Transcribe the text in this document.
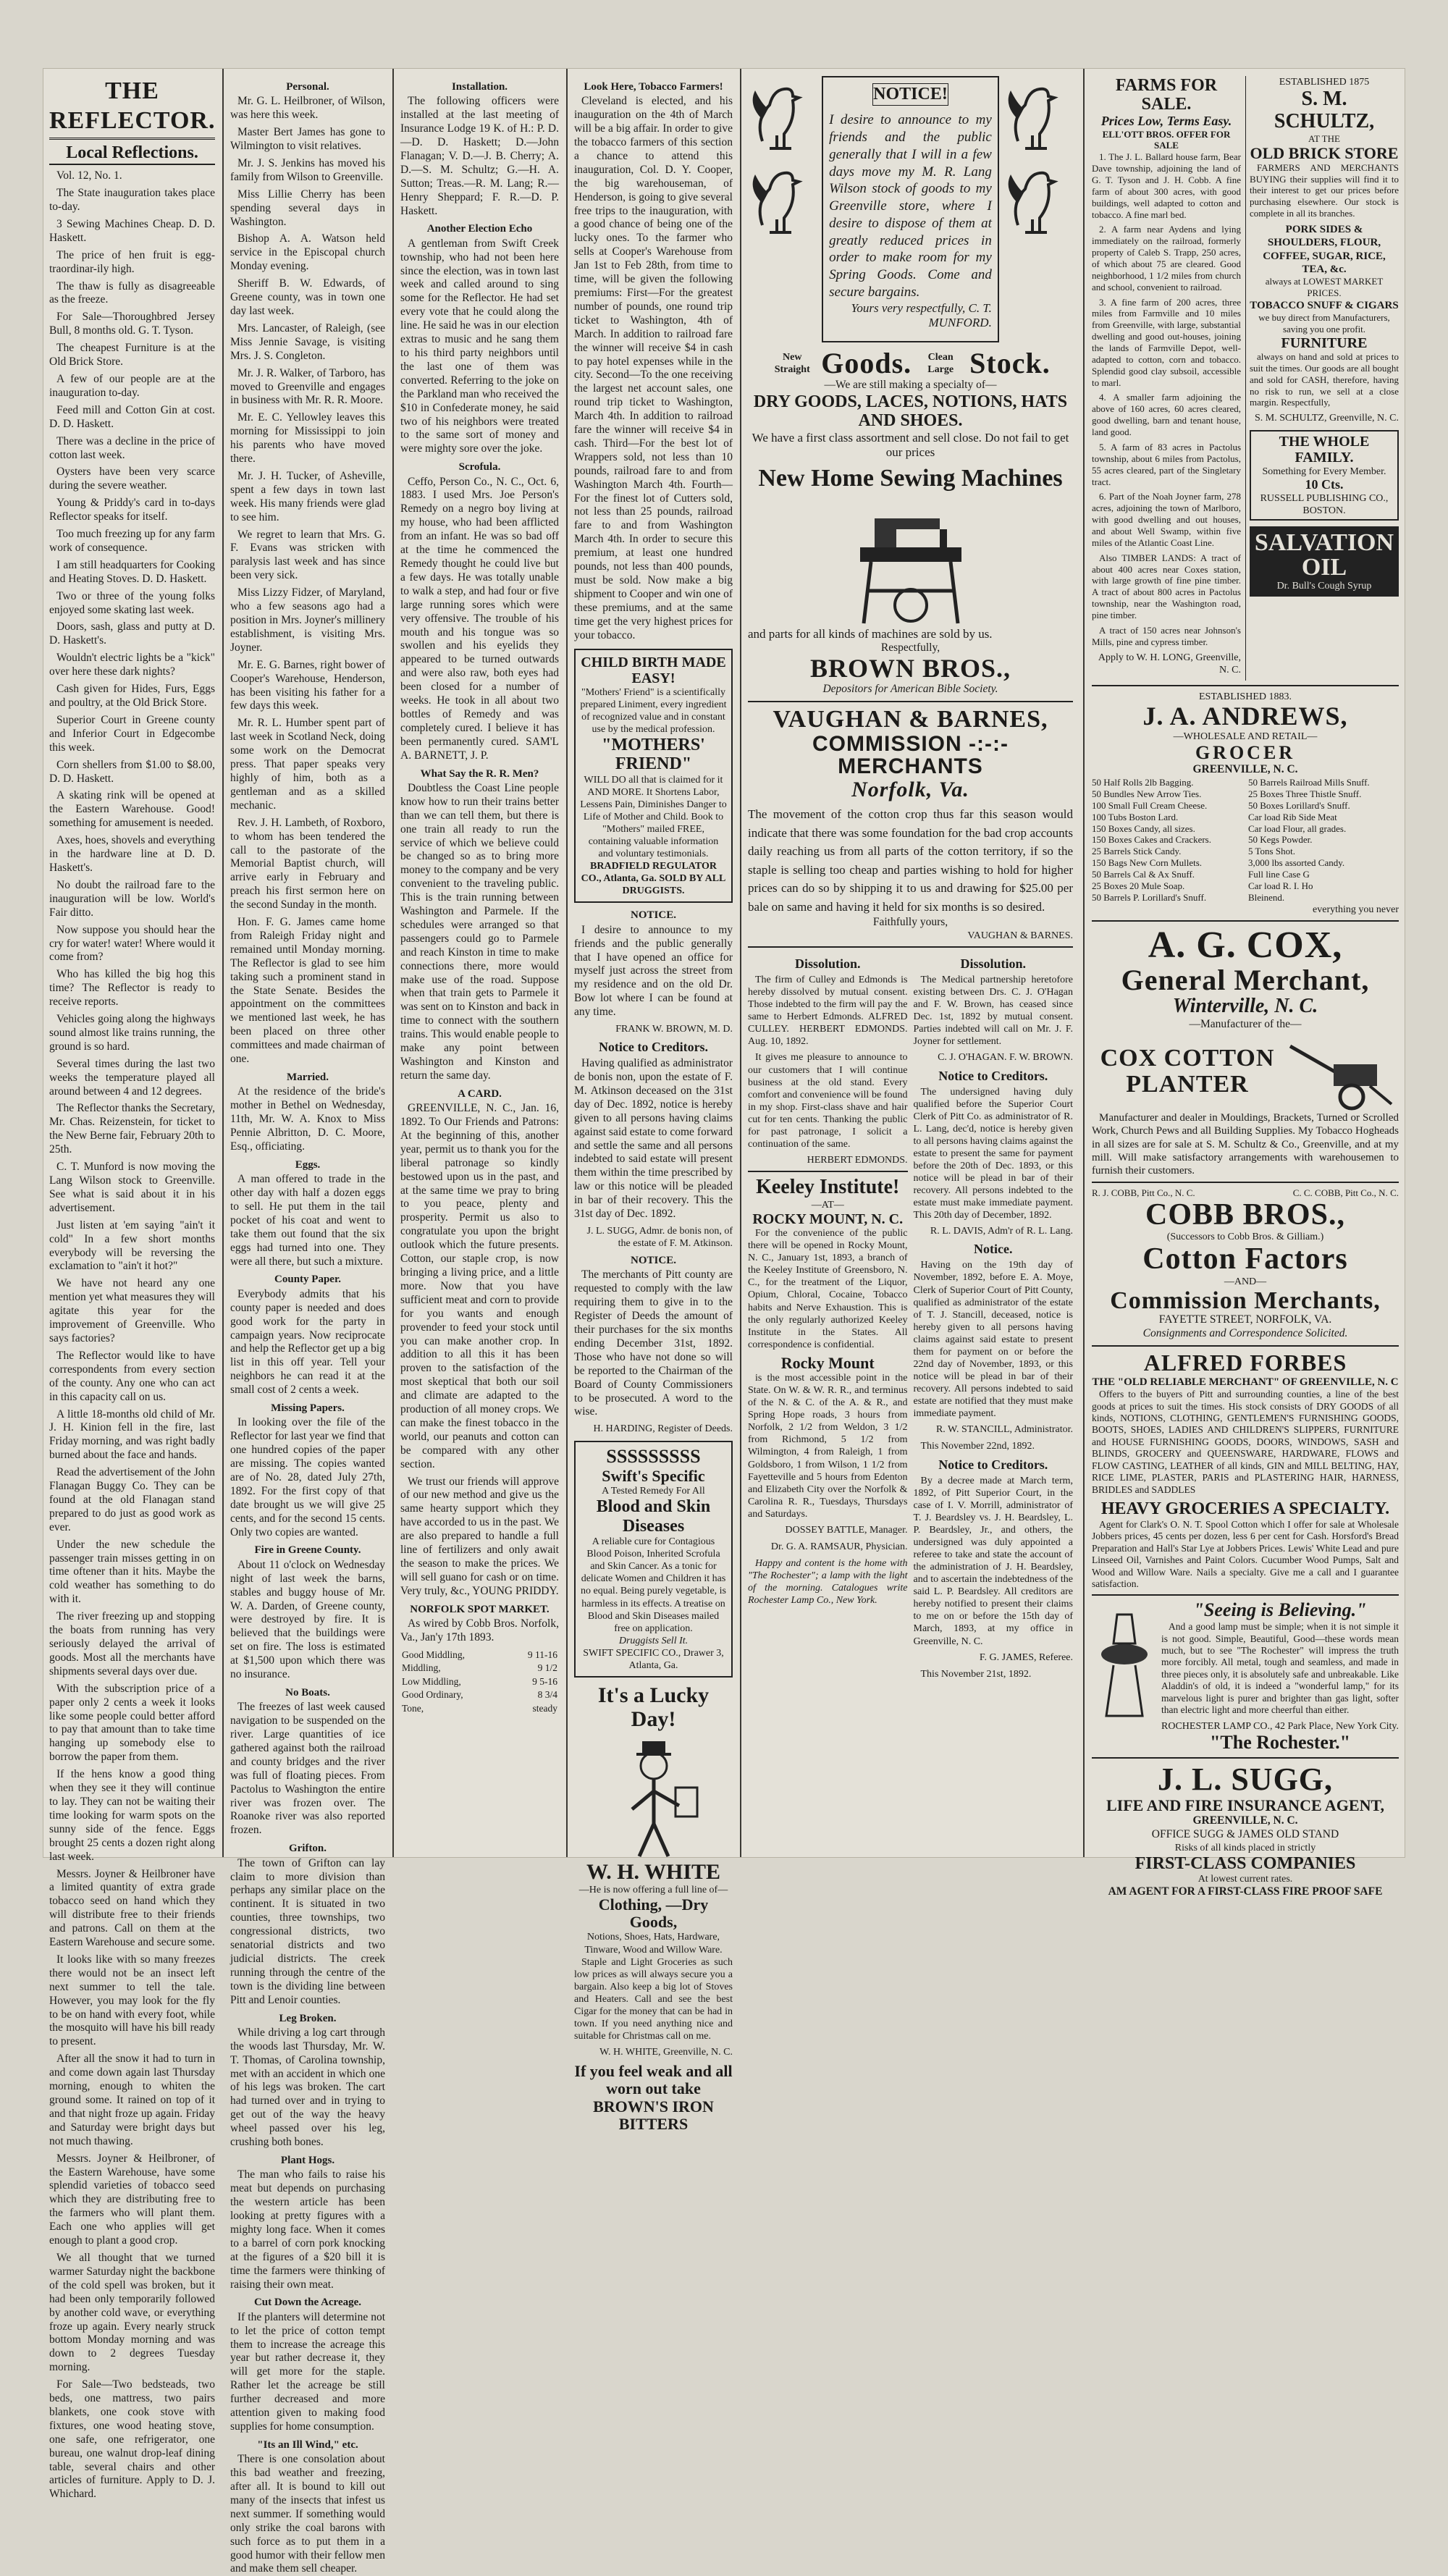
THE REFLECTOR.
Local Reflections.
Vol. 12, No. 1.
The State inauguration takes place to-day.
3 Sewing Machines Cheap. D. D. Haskett.
The price of hen fruit is egg-traordinar-ily high.
The thaw is fully as disagreeable as the freeze.
For Sale—Thoroughbred Jersey Bull, 8 months old. G. T. Tyson.
The cheapest Furniture is at the Old Brick Store.
A few of our people are at the inauguration to-day.
Feed mill and Cotton Gin at cost. D. D. Haskett.
There was a decline in the price of cotton last week.
Oysters have been very scarce during the severe weather.
Young & Priddy's card in to-days Reflector speaks for itself.
Too much freezing up for any farm work of consequence.
I am still headquarters for Cooking and Heating Stoves. D. D. Haskett.
Two or three of the young folks enjoyed some skating last week.
Doors, sash, glass and putty at D. D. Haskett's.
Wouldn't electric lights be a "kick" over here these dark nights?
Cash given for Hides, Furs, Eggs and poultry, at the Old Brick Store.
Superior Court in Greene county and Inferior Court in Edgecombe this week.
Corn shellers from $1.00 to $8.00, D. D. Haskett.
A skating rink will be opened at the Eastern Warehouse. Good! something for amusement is needed.
Axes, hoes, shovels and everything in the hardware line at D. D. Haskett's.
No doubt the railroad fare to the inauguration will be low. World's Fair ditto.
Now suppose you should hear the cry for water! water! Where would it come from?
Who has killed the big hog this time? The Reflector is ready to receive reports.
Vehicles going along the highways sound almost like trains running, the ground is so hard.
Several times during the last two weeks the temperature played all around between 4 and 12 degrees.
The Reflector thanks the Secretary, Mr. Chas. Reizenstein, for ticket to the New Berne fair, February 20th to 25th.
C. T. Munford is now moving the Lang Wilson stock to Greenville. See what is said about it in his advertisement.
Just listen at 'em saying "ain't it cold" In a few short months everybody will be reversing the exclamation to "ain't it hot?"
We have not heard any one mention yet what measures they will agitate this year for the improvement of Greenville. Who says factories?
The Reflector would like to have correspondents from every section of the county. Any one who can act in this capacity call on us.
A little 18-months old child of Mr. J. H. Kinion fell in the fire, last Friday morning, and was right badly burned about the face and hands.
Read the advertisement of the John Flanagan Buggy Co. They can be found at the old Flanagan stand prepared to do just as good work as ever.
Under the new schedule the passenger train misses getting in on time oftener than it hits. Maybe the cold weather has something to do with it.
The river freezing up and stopping the boats from running has very seriously delayed the arrival of goods. Most all the merchants have shipments several days over due.
With the subscription price of a paper only 2 cents a week it looks like some people could better afford to pay that amount than to take time hanging up somebody else to borrow the paper from them.
If the hens know a good thing when they see it they will continue to lay. They can not be waiting their time looking for warm spots on the sunny side of the fence. Eggs brought 25 cents a dozen right along last week.
Messrs. Joyner & Heilbroner have a limited quantity of extra grade tobacco seed on hand which they will distribute free to their friends and patrons. Call on them at the Eastern Warehouse and secure some.
It looks like with so many freezes there would not be an insect left next summer to tell the tale. However, you may look for the fly to be on hand with every foot, while the mosquito will have his bill ready to present.
After all the snow it had to turn in and come down again last Thursday morning, enough to whiten the ground some. It rained on top of it and that night froze up again. Friday and Saturday were bright days but not much thawing.
Messrs. Joyner & Heilbroner, of the Eastern Warehouse, have some splendid varieties of tobacco seed which they are distributing free to the farmers who will plant them. Each one who applies will get enough to plant a good crop.
We all thought that we turned warmer Saturday night the backbone of the cold spell was broken, but it had been only temporarily followed by another cold wave, or everything froze up again. Every nearly struck bottom Monday morning and was down to 2 degrees Tuesday morning.
For Sale—Two bedsteads, two beds, one mattress, two pairs blankets, one cook stove with fixtures, one wood heating stove, one safe, one refrigerator, one bureau, one walnut drop-leaf dining table, several chairs and other articles of furniture. Apply to D. J. Whichard.
Personal.
Mr. G. L. Heilbroner, of Wilson, was here this week.
Master Bert James has gone to Wilmington to visit relatives.
Mr. J. S. Jenkins has moved his family from Wilson to Greenville.
Miss Lillie Cherry has been spending several days in Washington.
Bishop A. A. Watson held service in the Episcopal church Monday evening.
Sheriff B. W. Edwards, of Greene county, was in town one day last week.
Mrs. Lancaster, of Raleigh, (see Miss Jennie Savage, is visiting Mrs. J. S. Congleton.
Mr. J. R. Walker, of Tarboro, has moved to Greenville and engages in business with Mr. R. R. Moore.
Mr. E. C. Yellowley leaves this morning for Mississippi to join his parents who have moved there.
Mr. J. H. Tucker, of Asheville, spent a few days in town last week. His many friends were glad to see him.
We regret to learn that Mrs. G. F. Evans was stricken with paralysis last week and has since been very sick.
Miss Lizzy Fidzer, of Maryland, who a few seasons ago had a position in Mrs. Joyner's millinery establishment, is visiting Mrs. Joyner.
Mr. E. G. Barnes, right bower of Cooper's Warehouse, Henderson, has been visiting his father for a few days this week.
Mr. R. L. Humber spent part of last week in Scotland Neck, doing some work on the Democrat press. That paper speaks very highly of him, both as a gentleman and as a skilled mechanic.
Rev. J. H. Lambeth, of Roxboro, to whom has been tendered the call to the pastorate of the Memorial Baptist church, will arrive early in February and preach his first sermon here on the second Sunday in the month.
Hon. F. G. James came home from Raleigh Friday night and remained until Monday morning. The Reflector is glad to see him taking such a prominent stand in the State Senate. Besides the appointment on the committees we mentioned last week, he has been placed on three other committees and made chairman of one.
Married.
At the residence of the bride's mother in Bethel on Wednesday, 11th, Mr. W. A. Knox to Miss Pennie Albritton, D. C. Moore, Esq., officiating.
Eggs.
A man offered to trade in the other day with half a dozen eggs to sell. He put them in the tail pocket of his coat and went to take them out found that the six eggs had turned into one. They were all there, but such a mixture.
County Paper.
Everybody admits that his county paper is needed and does good work for the party in campaign years. Now reciprocate and help the Reflector get up a big list in this off year. Tell your neighbors he can read it at the small cost of 2 cents a week.
Missing Papers.
In looking over the file of the Reflector for last year we find that one hundred copies of the paper are missing. The copies wanted are of No. 28, dated July 27th, 1892. For the first copy of that date brought us we will give 25 cents, and for the second 15 cents. Only two copies are wanted.
Fire in Greene County.
About 11 o'clock on Wednesday night of last week the barns, stables and buggy house of Mr. W. A. Darden, of Greene county, were destroyed by fire. It is believed that the buildings were set on fire. The loss is estimated at $1,500 upon which there was no insurance.
No Boats.
The freezes of last week caused navigation to be suspended on the river. Large quantities of ice gathered against both the railroad and county bridges and the river was full of floating pieces. From Pactolus to Washington the entire river was frozen over. The Roanoke river was also reported frozen.
Grifton.
The town of Grifton can lay claim to more division than perhaps any similar place on the continent. It is situated in two counties, three townships, two congressional districts, two senatorial districts and two judicial districts. The creek running through the centre of the town is the dividing line between Pitt and Lenoir counties.
Leg Broken.
While driving a log cart through the woods last Thursday, Mr. W. T. Thomas, of Carolina township, met with an accident in which one of his legs was broken. The cart had turned over and in trying to get out of the way the heavy wheel passed over his leg, crushing both bones.
Plant Hogs.
The man who fails to raise his meat but depends on purchasing the western article has been looking at pretty figures with a mighty long face. When it comes to a barrel of corn pork knocking at the figures of a $20 bill it is time the farmers were thinking of raising their own meat.
Cut Down the Acreage.
If the planters will determine not to let the price of cotton tempt them to increase the acreage this year but rather decrease it, they will get more for the staple. Rather let the acreage be still further decreased and more attention given to making food supplies for home consumption.
"Its an Ill Wind," etc.
There is one consolation about this bad weather and freezing, after all. It is bound to kill out many of the insects that infest us next summer. If something would only strike the coal barons with such force as to put them in a good humor with their fellow men and make them sell cheaper.
Installation.
The following officers were installed at the last meeting of Insurance Lodge 19 K. of H.: P. D.—D. D. Haskett; D.—John Flanagan; V. D.—J. B. Cherry; A. D.—S. M. Schultz; G.—H. A. Sutton; Treas.—R. M. Lang; R.—Henry Sheppard; F. R.—D. P. Haskett.
Another Election Echo
A gentleman from Swift Creek township, who had not been here since the election, was in town last week and called around to sing some for the Reflector. He had set every vote that he could along the line. He said he was in our election extras to music and he sang them to his third party neighbors until the last one of them was converted. Referring to the joke on the Parkland man who received the $10 in Confederate money, he said two of his neighbors were treated to the same sort of money and were mighty sore over the joke.
Scrofula.
Ceffo, Person Co., N. C., Oct. 6, 1883. I used Mrs. Joe Person's Remedy on a negro boy living at my house, who had been afflicted from an infant. He was so bad off at the time he commenced the Remedy thought he could live but a few days. He was totally unable to walk a step, and had four or five large running sores which were very offensive. The trouble of his mouth and his tongue was so swollen and his eyelids they appeared to be turned outwards and were also raw, both eyes had been closed for a number of weeks. He took in all about two bottles of Remedy and was completely cured. I believe it has been permanently cured. SAM'L A. BARNETT, J. P.
What Say the R. R. Men?
Doubtless the Coast Line people know how to run their trains better than we can tell them, but there is one train all ready to run the service of which we believe could be changed so as to bring more money to the company and be very convenient to the traveling public. This is the train running between Washington and Parmele. If the schedules were arranged so that passengers could go to Parmele and reach Kinston in time to make connections there, more would make use of the road. Suppose when that train gets to Parmele it was sent on to Kinston and back in time to connect with the southern trains. This would enable people to make any point between Washington and Kinston and return the same day.
A CARD.
GREENVILLE, N. C., Jan. 16, 1892. To Our Friends and Patrons: At the beginning of this, another year, permit us to thank you for the liberal patronage so kindly bestowed upon us in the past, and at the same time we pray to bring to you peace, plenty and prosperity. Permit us also to congratulate you upon the bright outlook which the future presents. Cotton, our staple crop, is now bringing a living price, and a little more. Now that you have sufficient meat and corn to provide for you wants and enough provender to feed your stock until you can make another crop. In addition to all this it has been proven to the satisfaction of the most skeptical that both our soil and climate are adapted to the production of all money crops. We can make the finest tobacco in the world, our peanuts and cotton can be compared with any other section.
We trust our friends will approve of our new method and give us the same hearty support which they have accorded to us in the past. We are also prepared to handle a full line of fertilizers and only await the season to make the prices. We will sell guano for cash or on time. Very truly, &c., YOUNG PRIDDY.
NORFOLK SPOT MARKET.
As wired by Cobb Bros. Norfolk, Va., Jan'y 17th 1893.
Good Middling,	9 11-16
Middling,	9 1/2
Low Middling,	9 5-16
Good Ordinary,	8 3/4
Tone,	steady
Look Here, Tobacco Farmers!
Cleveland is elected, and his inauguration on the 4th of March will be a big affair. In order to give the tobacco farmers of this section a chance to attend this inauguration, Col. D. Y. Cooper, the big warehouseman, of Henderson, is going to give several free trips to the inauguration, with a good chance of being one of the lucky ones. To the farmer who sells at Cooper's Warehouse from Jan 1st to Feb 28th, from time to time, will be given the following premiums: First—For the greatest number of pounds, one round trip ticket to Washington, 4th of March. In addition to railroad fare the winner will receive $4 in cash to pay hotel expenses while in the city. Second—To the one receiving the largest net account sales, one round trip ticket to Washington, March 4th. In addition to railroad fare the winner will receive $4 in cash. Third—For the best lot of Wrappers sold, not less than 10 pounds, railroad fare to and from Washington March 4th. Fourth—For the finest lot of Cutters sold, not less than 25 pounds, railroad fare to and from Washington March 4th. In order to secure this premium, at least one hundred pounds, not less than 400 pounds, must be sold. Now make a big shipment to Cooper and win one of these premiums, and at the same time get the very highest prices for your tobacco.
CHILD BIRTH MADE EASY!
"Mothers' Friend" is a scientifically prepared Liniment, every ingredient of recognized value and in constant use by the medical profession.
"MOTHERS' FRIEND"
WILL DO all that is claimed for it AND MORE. It Shortens Labor, Lessens Pain, Diminishes Danger to Life of Mother and Child. Book to "Mothers" mailed FREE, containing valuable information and voluntary testimonials.
BRADFIELD REGULATOR CO., Atlanta, Ga. SOLD BY ALL DRUGGISTS.
NOTICE.
I desire to announce to my friends and the public generally that I have opened an office for myself just across the street from my residence and on the old Dr. Bow lot where I can be found at any time.
FRANK W. BROWN, M. D.
Notice to Creditors.
Having qualified as administrator de bonis non, upon the estate of F. M. Atkinson deceased on the 31st day of Dec. 1892, notice is hereby given to all persons having claims against said estate to come forward and settle the same and all persons indebted to said estate will present them within the time prescribed by law or this notice will be pleaded in bar of their recovery. This the 31st day of Dec. 1892.
J. L. SUGG, Admr. de bonis non, of the estate of F. M. Atkinson.
NOTICE.
The merchants of Pitt county are requested to comply with the law requiring them to give in to the Register of Deeds the amount of their purchases for the six months ending December 31st, 1892. Those who have not done so will be reported to the Chairman of the Board of County Commissioners to be prosecuted. A word to the wise.
H. HARDING, Register of Deeds.
SSSSSSSSS
Swift's Specific
A Tested Remedy For All
Blood and Skin Diseases
A reliable cure for Contagious Blood Poison, Inherited Scrofula and Skin Cancer. As a tonic for delicate Women and Children it has no equal. Being purely vegetable, is harmless in its effects. A treatise on Blood and Skin Diseases mailed free on application.
Druggists Sell It.
SWIFT SPECIFIC CO., Drawer 3, Atlanta, Ga.
It's a Lucky Day!
W. H. WHITE
—He is now offering a full line of—
Clothing, —Dry Goods,
Notions, Shoes, Hats, Hardware, Tinware, Wood and Willow Ware.
Staple and Light Groceries as such low prices as will always secure you a bargain. Also keep a big lot of Stoves and Heaters. Call and see the best Cigar for the money that can be had in town. If you need anything nice and suitable for Christmas call on me.
W. H. WHITE, Greenville, N. C.
If you feel weak and all worn out take BROWN'S IRON BITTERS

NOTICE!
I desire to announce to my friends and the public generally that I will in a few days move my M. R. Lang Wilson stock of goods to my Greenville store, where I desire to dispose of them at greatly reduced prices in order to make room for my Spring Goods. Come and secure bargains.
Yours very respectfully, C. T. MUNFORD.

New Straight Goods.	Clean Large Stock.
—We are still making a specialty of—
DRY GOODS, LACES, NOTIONS, HATS AND SHOES.
We have a first class assortment and sell close. Do not fail to get our prices
New Home Sewing Machines
and parts for all kinds of machines are sold by us.
Respectfully,
BROWN BROS.,
Depositors for American Bible Society.
VAUGHAN & BARNES,
COMMISSION -:-:- MERCHANTS
Norfolk, Va.
The movement of the cotton crop thus far this season would indicate that there was some foundation for the bad crop accounts daily reaching us from all parts of the cotton territory, if so the staple is selling too cheap and parties wishing to hold for higher prices can do so by shipping it to us and drawing for $25.00 per bale on same and having it held for six months is so desired.
Faithfully yours,
VAUGHAN & BARNES.
Dissolution.
The firm of Culley and Edmonds is hereby dissolved by mutual consent. Those indebted to the firm will pay the same to Herbert Edmonds. ALFRED CULLEY. HERBERT EDMONDS. Aug. 10, 1892.
It gives me pleasure to announce to our customers that I will continue business at the old stand. Every comfort and convenience will be found in my shop. First-class shave and hair cut for ten cents. Thanking the public for past patronage, I solicit a continuation of the same.
HERBERT EDMONDS.
Keeley Institute!
—AT—
ROCKY MOUNT, N. C.
For the convenience of the public there will be opened in Rocky Mount, N. C., January 1st, 1893, a branch of the Keeley Institute of Greensboro, N. C., for the treatment of the Liquor, Opium, Chloral, Cocaine, Tobacco habits and Nerve Exhaustion. This is the only regularly authorized Keeley Institute in the States. All correspondence is confidential.
Rocky Mount
is the most accessible point in the State. On W. & W. R. R., and terminus of the N. & C. of the A. & R., and Spring Hope roads, 3 hours from Norfolk, 2 1/2 from Weldon, 3 1/2 from Richmond, 5 1/2 from Wilmington, 4 from Raleigh, 1 from Goldsboro, 1 from Wilson, 1 1/2 from Fayetteville and 5 hours from Edenton and Elizabeth City over the Norfolk & Carolina R. R., Tuesdays, Thursdays and Saturdays.
DOSSEY BATTLE, Manager.
Dr. G. A. RAMSAUR, Physician.
Happy and content is the home with "The Rochester"; a lamp with the light of the morning. Catalogues write Rochester Lamp Co., New York.
Dissolution.
The Medical partnership heretofore existing between Drs. C. J. O'Hagan and F. W. Brown, has ceased since Dec. 1st, 1892 by mutual consent. Parties indebted will call on Mr. J. F. Joyner for settlement.
C. J. O'HAGAN. F. W. BROWN.
Notice to Creditors.
The undersigned having duly qualified before the Superior Court Clerk of Pitt Co. as administrator of R. L. Lang, dec'd, notice is hereby given to all persons having claims against the estate to present the same for payment before the 20th of Dec. 1893, or this notice will be plead in bar of their recovery. All persons indebted to the estate must make immediate payment. This 20th day of December, 1892.
R. L. DAVIS, Adm'r of R. L. Lang.
Notice.
Having on the 19th day of November, 1892, before E. A. Moye, Clerk of Superior Court of Pitt County, qualified as administrator of the estate of T. J. Stancill, deceased, notice is hereby given to all persons having claims against said estate to present them for payment on or before the 22nd day of November, 1893, or this notice will be plead in bar of their recovery. All persons indebted to said estate are notified that they must make immediate payment.
R. W. STANCILL, Administrator.
This November 22nd, 1892.
Notice to Creditors.
By a decree made at March term, 1892, of Pitt Superior Court, in the case of I. V. Morrill, administrator of T. J. Beardsley vs. J. H. Beardsley, L. P. Beardsley, Jr., and others, the undersigned was duly appointed a referee to take and state the account of the administration of J. H. Beardsley, and to ascertain the indebtedness of the said L. P. Beardsley. All creditors are hereby notified to present their claims to me on or before the 15th day of March, 1893, at my office in Greenville, N. C.
F. G. JAMES, Referee.
This November 21st, 1892.
FARMS FOR SALE.
Prices Low, Terms Easy.
ELL'OTT BROS. OFFER FOR SALE
1. The J. L. Ballard house farm, Bear Dave township, adjoining the land of G. T. Tyson and J. H. Cobb. A fine farm of about 300 acres, with good buildings, well adapted to cotton and tobacco. A fine marl bed.
2. A farm near Aydens and lying immediately on the railroad, formerly property of Caleb S. Trapp, 250 acres, of which about 75 are cleared. Good neighborhood, 1 1/2 miles from church and school, convenient to railroad.
3. A fine farm of 200 acres, three miles from Farmville and 10 miles from Greenville, with large, substantial dwelling and good out-houses, joining the lands of Farmville Depot, well-adapted to cotton, corn and tobacco. Splendid good clay subsoil, accessible to marl.
4. A smaller farm adjoining the above of 160 acres, 60 acres cleared, good dwelling, barn and tenant house, land good.
5. A farm of 83 acres in Pactolus township, about 6 miles from Pactolus, 55 acres cleared, part of the Singletary tract.
6. Part of the Noah Joyner farm, 278 acres, adjoining the town of Marlboro, with good dwelling and out houses, and about Well Swamp, within five miles of the Atlantic Coast Line.
Also TIMBER LANDS: A tract of about 400 acres near Coxes station, with large growth of fine pine timber. A tract of about 800 acres in Pactolus township, near the Washington road, pine timber.
A tract of 150 acres near Johnson's Mills, pine and cypress timber.
Apply to W. H. LONG, Greenville, N. C.
ESTABLISHED 1875
S. M. SCHULTZ,
AT THE
OLD BRICK STORE
FARMERS AND MERCHANTS BUYING their supplies will find it to their interest to get our prices before purchasing elsewhere. Our stock is complete in all its branches.
PORK SIDES & SHOULDERS, FLOUR, COFFEE, SUGAR, RICE, TEA, &c.
always at LOWEST MARKET PRICES.
TOBACCO SNUFF & CIGARS
we buy direct from Manufacturers, saving you one profit.
FURNITURE
always on hand and sold at prices to suit the times. Our goods are all bought and sold for CASH, therefore, having no risk to run, we sell at a close margin. Respectfully,
S. M. SCHULTZ, Greenville, N. C.
THE WHOLE FAMILY.
Something for Every Member.
10 Cts.
RUSSELL PUBLISHING CO., BOSTON.
SALVATION OIL
Dr. Bull's Cough Syrup
ESTABLISHED 1883.
J. A. ANDREWS,
—WHOLESALE AND RETAIL—
GROCER
GREENVILLE, N. C.
50 Half Rolls 2lb Bagging.
50 Bundles New Arrow Ties.
100 Small Full Cream Cheese.
100 Tubs Boston Lard.
150 Boxes Candy, all sizes.
150 Boxes Cakes and Crackers.
25 Barrels Stick Candy.
150 Bags New Corn Mullets.
50 Barrels Cal & Ax Snuff.
25 Boxes 20 Mule Soap.
50 Barrels P. Lorillard's Snuff.
50 Barrels Railroad Mills Snuff.
25 Boxes Three Thistle Snuff.
50 Boxes Lorillard's Snuff.
Car load Rib Side Meat
Car load Flour, all grades.
50 Kegs Powder.
5 Tons Shot.
3,000 lbs assorted Candy.
Full line Case G
Car load R. I. Ho
Bleinend.
everything you never
A. G. COX,
General Merchant,
Winterville, N. C.
—Manufacturer of the—
COX COTTON
PLANTER
Manufacturer and dealer in Mouldings, Brackets, Turned or Scrolled Work, Church Pews and all Building Supplies. My Tobacco Hogheads in all sizes are for sale at S. M. Schultz & Co., Greenville, and at my mill. Will make satisfactory arrangements with warehousemen to furnish their customers.
R. J. COBB, Pitt Co., N. C.	C. C. COBB, Pitt Co., N. C.
COBB BROS.,
(Successors to Cobb Bros. & Gilliam.)
Cotton Factors
—AND—
Commission Merchants,
FAYETTE STREET, NORFOLK, VA.
Consignments and Correspondence Solicited.
ALFRED FORBES
THE "OLD RELIABLE MERCHANT" OF GREENVILLE, N. C
Offers to the buyers of Pitt and surrounding counties, a line of the best goods at prices to suit the times. His stock consists of DRY GOODS of all kinds, NOTIONS, CLOTHING, GENTLEMEN'S FURNISHING GOODS, BOOTS, SHOES, LADIES AND CHILDREN'S SLIPPERS, FURNITURE and HOUSE FURNISHING GOODS, DOORS, WINDOWS, SASH and BLINDS, GROCERY and QUEENSWARE, HARDWARE, FLOWS and FLOW CASTING, LEATHER of all kinds, GIN and MILL BELTING, HAY, RICE LIME, PLASTER, PARIS and PLASTERING HAIR, HARNESS, BRIDLES and SADDLES
HEAVY GROCERIES A SPECIALTY.
Agent for Clark's O. N. T. Spool Cotton which I offer for sale at Wholesale Jobbers prices, 45 cents per dozen, less 6 per cent for Cash. Horsford's Bread Preparation and Hall's Star Lye at Jobbers Prices. Lewis' White Lead and pure Linseed Oil, Varnishes and Paint Colors. Cucumber Wood Pumps, Salt and Wood and Willow Ware. Nails a specialty. Give me a call and I guarantee satisfaction.
"Seeing is Believing."
And a good lamp must be simple; when it is not simple it is not good. Simple, Beautiful, Good—these words mean much, but to see "The Rochester" will impress the truth more forcibly. All metal, tough and seamless, and made in three pieces only, it is absolutely safe and unbreakable. Like Aladdin's of old, it is indeed a "wonderful lamp," for its marvelous light is purer and brighter than gas light, softer than electric light and more cheerful than either.
ROCHESTER LAMP CO., 42 Park Place, New York City.
"The Rochester."
J. L. SUGG,
LIFE AND FIRE INSURANCE AGENT,
GREENVILLE, N. C.
OFFICE SUGG & JAMES OLD STAND
Risks of all kinds placed in strictly
FIRST-CLASS COMPANIES
At lowest current rates.
AM AGENT FOR A FIRST-CLASS FIRE PROOF SAFE
